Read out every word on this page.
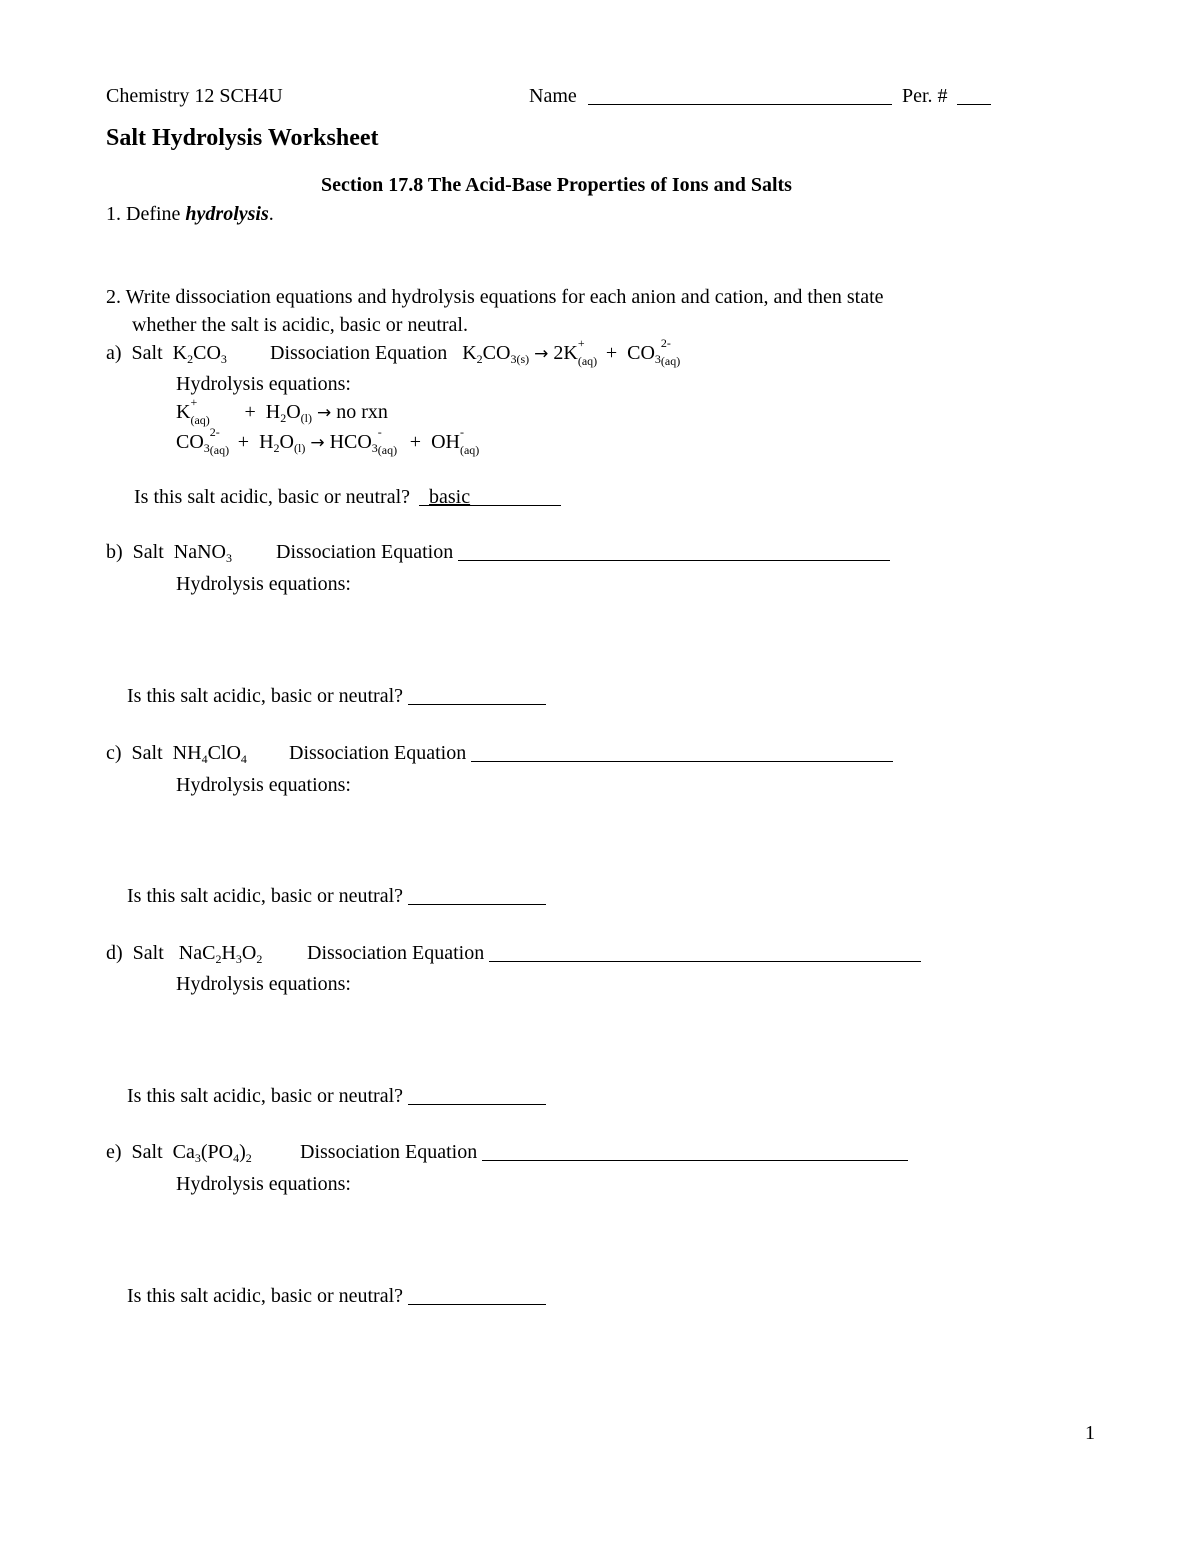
Chemistry 12 SCH4U	Name	Per. #
Salt Hydrolysis Worksheet
Section 17.8 The Acid-Base Properties of Ions and Salts
1. Define hydrolysis.
2. Write dissociation equations and hydrolysis equations for each anion and cation, and then state
whether the salt is acidic, basic or neutral.
a) Salt  $K_2CO_3$ Dissociation Equation   $K_2CO_{3(s)} \to 2K$ +
$(aq) + CO_3$
2-
(aq)
Hydrolysis equations:
K +
$(aq) + H_2O_{(l)}$ → no rxn
$CO_3$
2-
$(aq) + H_2O_{(l)} \to HCO_3$
-
(aq) +  OH -
(aq)
Is this salt acidic, basic or neutral? basic
b) Salt  NaNO$_3$ Dissociation Equation
Hydrolysis equations:
Is this salt acidic, basic or neutral?
c) Salt  $NH_4ClO_4$ Dissociation Equation
Hydrolysis equations:
Is this salt acidic, basic or neutral?
d) Salt   $NaC_2H_3O_2$ Dissociation Equation
Hydrolysis equations:
Is this salt acidic, basic or neutral?
e) Salt  $Ca_3(PO_4)_2$ Dissociation Equation
Hydrolysis equations:
Is this salt acidic, basic or neutral?
1
